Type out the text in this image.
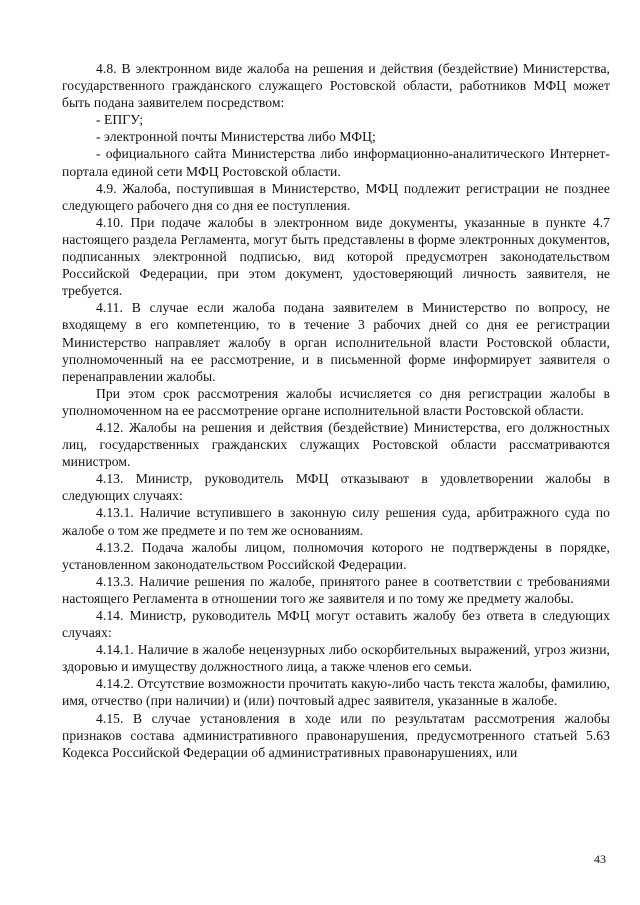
4.8. В электронном виде жалоба на решения и действия (бездействие) Министерства, государственного гражданского служащего Ростовской области, работников МФЦ может быть подана заявителем посредством:

- ЕПГУ;

- электронной почты Министерства либо МФЦ;

- официального сайта Министерства либо информационно-аналитического Интернет-портала единой сети МФЦ Ростовской области.

4.9. Жалоба, поступившая в Министерство, МФЦ подлежит регистрации не позднее следующего рабочего дня со дня ее поступления.

4.10. При подаче жалобы в электронном виде документы, указанные в пункте 4.7 настоящего раздела Регламента, могут быть представлены в форме электронных документов, подписанных электронной подписью, вид которой предусмотрен законодательством Российской Федерации, при этом документ, удостоверяющий личность заявителя, не требуется.

4.11. В случае если жалоба подана заявителем в Министерство по вопросу, не входящему в его компетенцию, то в течение 3 рабочих дней со дня ее регистрации Министерство направляет жалобу в орган исполнительной власти Ростовской области, уполномоченный на ее рассмотрение, и в письменной форме информирует заявителя о перенаправлении жалобы.

При этом срок рассмотрения жалобы исчисляется со дня регистрации жалобы в уполномоченном на ее рассмотрение органе исполнительной власти Ростовской области.

4.12. Жалобы на решения и действия (бездействие) Министерства, его должностных лиц, государственных гражданских служащих Ростовской области рассматриваются министром.

4.13. Министр, руководитель МФЦ отказывают в удовлетворении жалобы в следующих случаях:

4.13.1. Наличие вступившего в законную силу решения суда, арбитражного суда по жалобе о том же предмете и по тем же основаниям.

4.13.2. Подача жалобы лицом, полномочия которого не подтверждены в порядке, установленном законодательством Российской Федерации.

4.13.3. Наличие решения по жалобе, принятого ранее в соответствии с требованиями настоящего Регламента в отношении того же заявителя и по тому же предмету жалобы.

4.14. Министр, руководитель МФЦ могут оставить жалобу без ответа в следующих случаях:

4.14.1. Наличие в жалобе нецензурных либо оскорбительных выражений, угроз жизни, здоровью и имуществу должностного лица, а также членов его семьи.

4.14.2. Отсутствие возможности прочитать какую-либо часть текста жалобы, фамилию, имя, отчество (при наличии) и (или) почтовый адрес заявителя, указанные в жалобе.

4.15. В случае установления в ходе или по результатам рассмотрения жалобы признаков состава административного правонарушения, предусмотренного статьей 5.63 Кодекса Российской Федерации об административных правонарушениях, или

43
